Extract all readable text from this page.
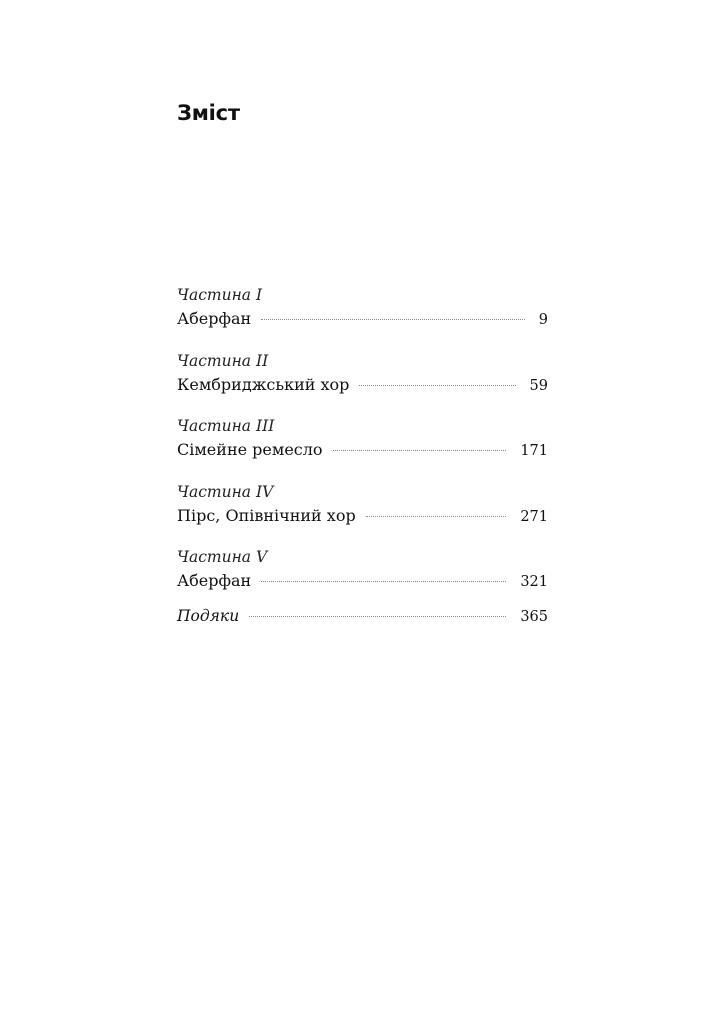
Зміст
Частина I
Аберфан	9
Частина II
Кембриджський хор	59
Частина III
Сімейне ремесло	171
Частина IV
Пірс, Опівнічний хор	271
Частина V
Аберфан	321
Подяки	365
